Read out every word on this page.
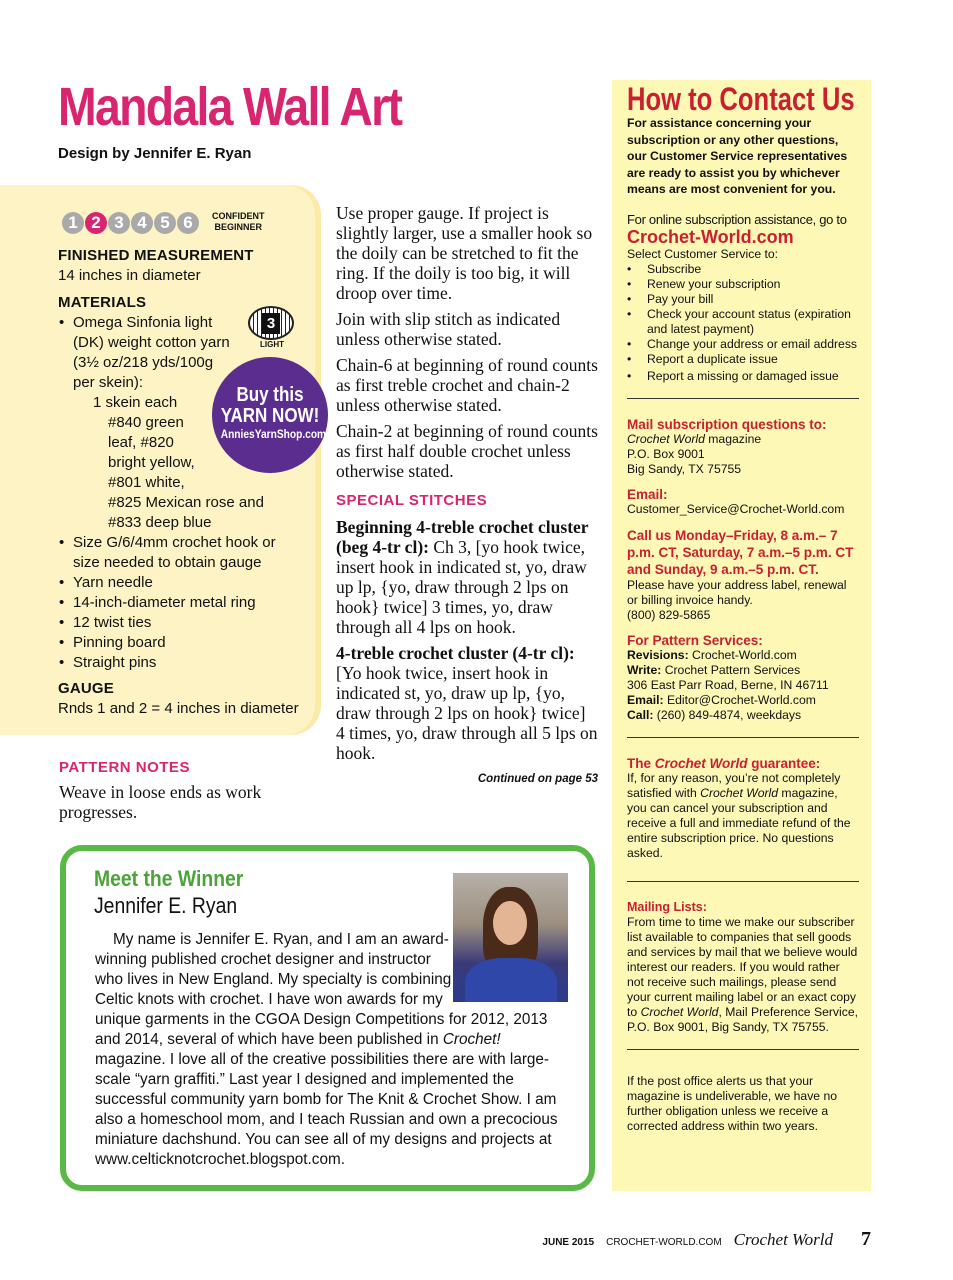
Mandala Wall Art
Design by Jennifer E. Ryan
1 2 3 4 5 6	CONFIDENT
BEGINNER
FINISHED MEASUREMENT
14 inches in diameter
MATERIALS
• Omega Sinfonia light
(DK) weight cotton yarn
(3½ oz/218 yds/100g
per skein):
1 skein each
#840 green
leaf, #820
bright yellow,
#801 white,
#825 Mexican rose and
#833 deep blue
• Size G/6/4mm crochet hook or size needed to obtain gauge
• Yarn needle
• 14-inch-diameter metal ring
• 12 twist ties
• Pinning board
• Straight pins
GAUGE
Rnds 1 and 2 = 4 inches in diameter
3
LIGHT
Buy this
YARN NOW!
AnniesYarnShop.com
PATTERN NOTES
Weave in loose ends as work progresses.

Use proper gauge. If project is slightly larger, use a smaller hook so the doily can be stretched to fit the ring. If the doily is too big, it will droop over time.

Join with slip stitch as indicated unless otherwise stated.

Chain-6 at beginning of round counts as first treble crochet and chain-2 unless otherwise stated.

Chain-2 at beginning of round counts as first half double crochet unless otherwise stated.

SPECIAL STITCHES

Beginning 4-treble crochet cluster (beg 4-tr cl): Ch 3, [yo hook twice, insert hook in indicated st, yo, draw up lp, {yo, draw through 2 lps on hook} twice] 3 times, yo, draw through all 4 lps on hook.

4-treble crochet cluster (4-tr cl): [Yo hook twice, insert hook in indicated st, yo, draw up lp, {yo, draw through 2 lps on hook} twice] 4 times, yo, draw through all 5 lps on hook.

Continued on page 53
Meet the Winner
Jennifer E. Ryan
My name is Jennifer E. Ryan, and I am an award-winning published crochet designer and instructor who lives in New England. My specialty is combining Celtic knots with crochet. I have won awards for my unique garments in the CGOA Design Competitions for 2012, 2013 and 2014, several of which have been published in Crochet! magazine. I love all of the creative possibilities there are with large-scale “yarn graffiti.” Last year I designed and implemented the successful community yarn bomb for The Knit & Crochet Show. I am also a homeschool mom, and I teach Russian and own a precocious miniature dachshund. You can see all of my designs and projects at www.celticknotcrochet.blogspot.com.
How to Contact Us
For assistance concerning your subscription or any other questions, our Customer Service representatives are ready to assist you by whichever means are most convenient for you.
For online subscription assistance, go to
Crochet-World.com
Select Customer Service to:
• Subscribe
• Renew your subscription
• Pay your bill
• Check your account status (expiration and latest payment)
• Change your address or email address
• Report a duplicate issue
• Report a missing or damaged issue
Mail subscription questions to:
Crochet World magazine
P.O. Box 9001
Big Sandy, TX 75755
Email:
Customer_Service@Crochet-World.com
Call us Monday–Friday, 8 a.m.– 7 p.m. CT, Saturday, 7 a.m.–5 p.m. CT and Sunday, 9 a.m.–5 p.m. CT.
Please have your address label, renewal or billing invoice handy.
(800) 829-5865
For Pattern Services:
Revisions: Crochet-World.com
Write: Crochet Pattern Services
306 East Parr Road, Berne, IN 46711
Email: Editor@Crochet-World.com
Call: (260) 849-4874, weekdays
The Crochet World guarantee:
If, for any reason, you’re not completely satisfied with Crochet World magazine, you can cancel your subscription and receive a full and immediate refund of the entire subscription price. No questions asked.
Mailing Lists:
From time to time we make our subscriber list available to companies that sell goods and services by mail that we believe would interest our readers. If you would rather not receive such mailings, please send your current mailing label or an exact copy to Crochet World, Mail Preference Service, P.O. Box 9001, Big Sandy, TX 75755.
If the post office alerts us that your magazine is undeliverable, we have no further obligation unless we receive a corrected address within two years.
JUNE 2015 CROCHET-WORLD.COM Crochet World 7
